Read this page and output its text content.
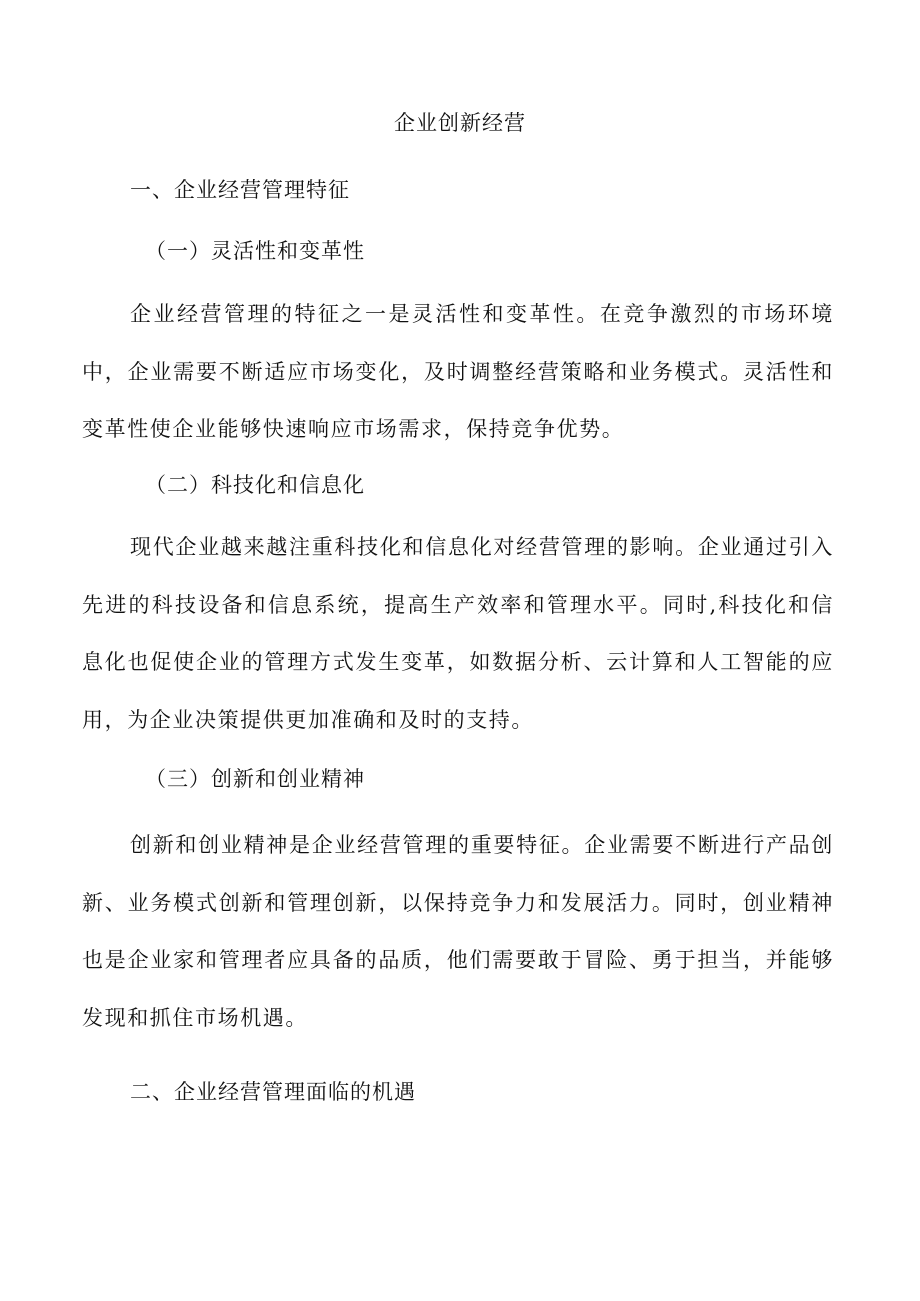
企业创新经营
一、企业经营管理特征
（一）灵活性和变革性

企业经营管理的特征之一是灵活性和变革性。在竞争激烈的市场环境中，企业需要不断适应市场变化，及时调整经营策略和业务模式。灵活性和变革性使企业能够快速响应市场需求，保持竞争优势。

（二）科技化和信息化

现代企业越来越注重科技化和信息化对经营管理的影响。企业通过引入先进的科技设备和信息系统，提高生产效率和管理水平。同时,科技化和信息化也促使企业的管理方式发生变革，如数据分析、云计算和人工智能的应用，为企业决策提供更加准确和及时的支持。

（三）创新和创业精神

创新和创业精神是企业经营管理的重要特征。企业需要不断进行产品创新、业务模式创新和管理创新，以保持竞争力和发展活力。同时，创业精神也是企业家和管理者应具备的品质，他们需要敢于冒险、勇于担当，并能够发现和抓住市场机遇。

二、企业经营管理面临的机遇
